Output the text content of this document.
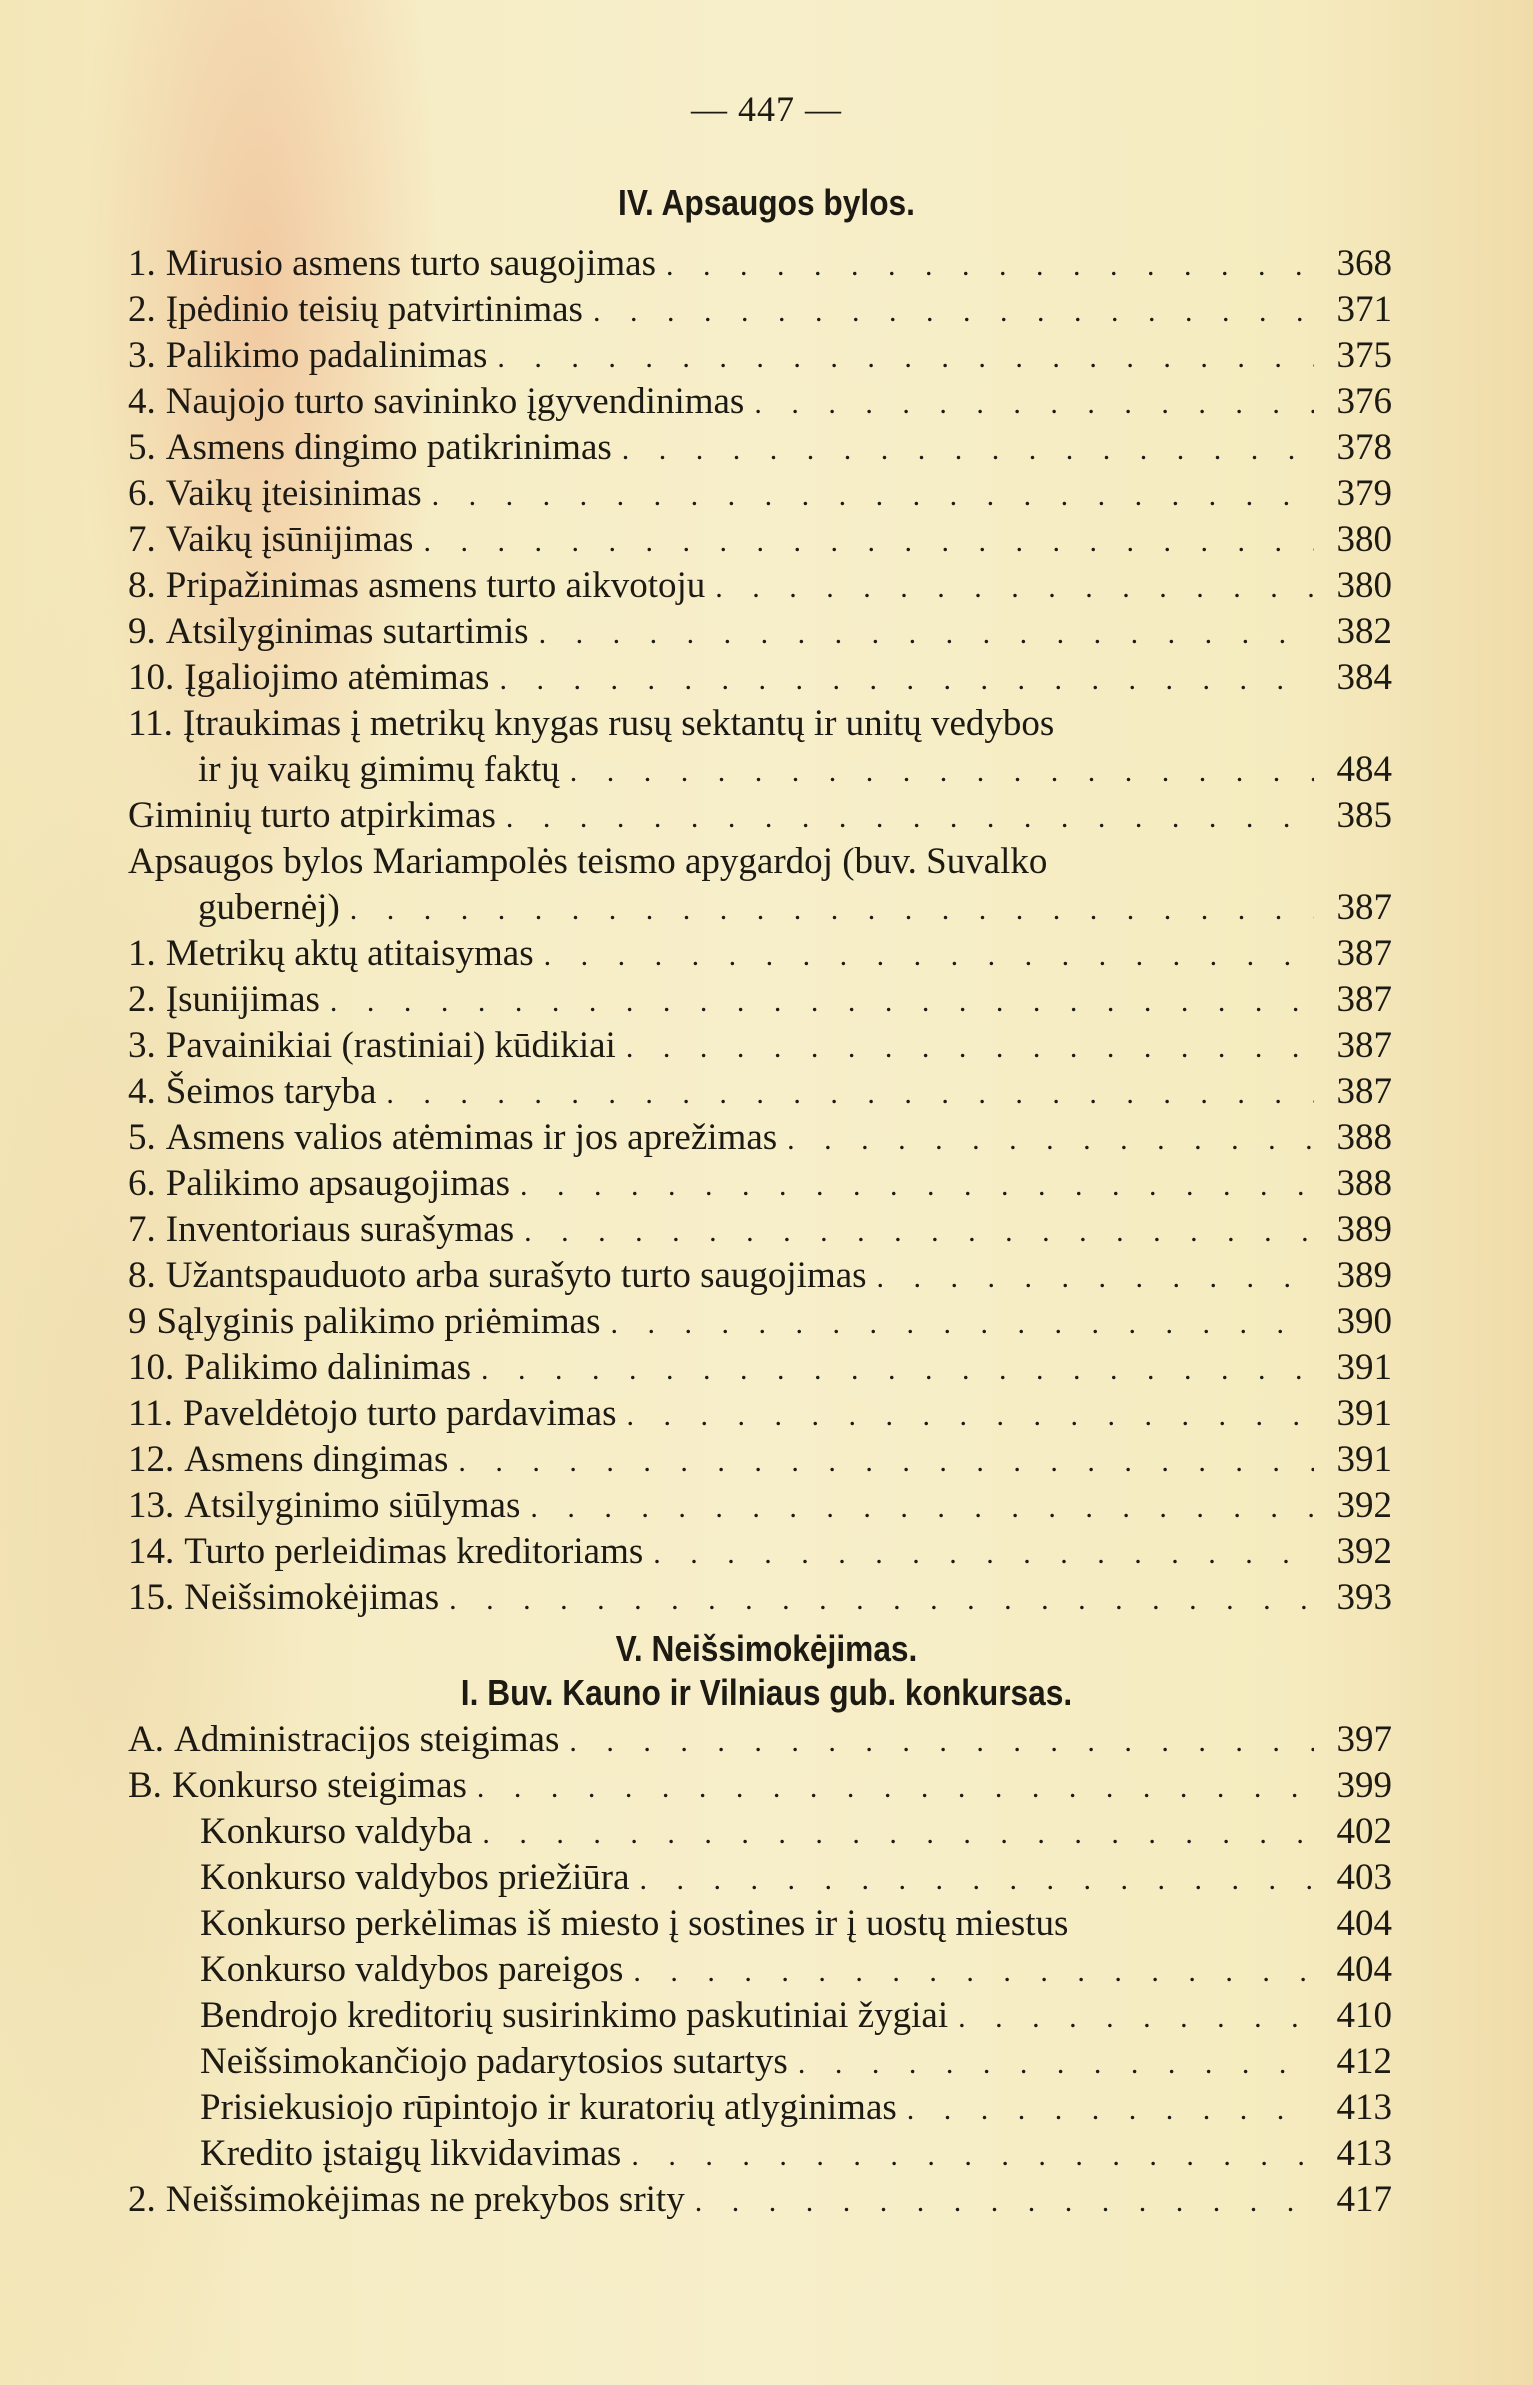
— 447 —
IV. Apsaugos bylos.
1. Mirusio asmens turto saugojimas . . .	368
2. Įpėdinio teisių patvirtinimas . . .	371
3. Palikimo padalinimas . . .	375
4. Naujojo turto savininko įgyvendinimas . . .	376
5. Asmens dingimo patikrinimas . . .	378
6. Vaikų įteisinimas . . .	379
7. Vaikų įsūnijimas . . .	380
8. Pripažinimas asmens turto aikvotoju . . .	380
9. Atsilyginimas sutartimis . . .	382
10. Įgaliojimo atėmimas . . .	384
11. Įtraukimas į metrikų knygas rusų sektantų ir unitų vedybos
ir jų vaikų gimimų faktų . . .	484
Giminių turto atpirkimas . . .	385
Apsaugos bylos Mariampolės teismo apygardoj (buv. Suvalko
gubernėj) . . .	387
1. Metrikų aktų atitaisymas . . .	387
2. Įsunijimas . . .	387
3. Pavainikiai (rastiniai) kūdikiai . . .	387
4. Šeimos taryba . . .	387
5. Asmens valios atėmimas ir jos aprežimas . . .	388
6. Palikimo apsaugojimas . . .	388
7. Inventoriaus surašymas . . .	389
8. Užantspauduoto arba surašyto turto saugojimas . . .	389
9 Sąlyginis palikimo priėmimas . . .	390
10. Palikimo dalinimas . . .	391
11. Paveldėtojo turto pardavimas . . .	391
12. Asmens dingimas . . .	391
13. Atsilyginimo siūlymas . . .	392
14. Turto perleidimas kreditoriams . . .	392
15. Neišsimokėjimas . . .	393
V. Neišsimokėjimas.
I. Buv. Kauno ir Vilniaus gub. konkursas.
A. Administracijos steigimas . . .	397
B. Konkurso steigimas . . .	399
Konkurso valdyba . . .	402
Konkurso valdybos priežiūra . . .	403
Konkurso perkėlimas iš miesto į sostines ir į uostų miestus	404
Konkurso valdybos pareigos . . .	404
Bendrojo kreditorių susirinkimo paskutiniai žygiai . . .	410
Neišsimokančiojo padarytosios sutartys . . .	412
Prisiekusiojo rūpintojo ir kuratorių atlyginimas . . .	413
Kredito įstaigų likvidavimas . . .	413
2. Neišsimokėjimas ne prekybos srity . . .	417
